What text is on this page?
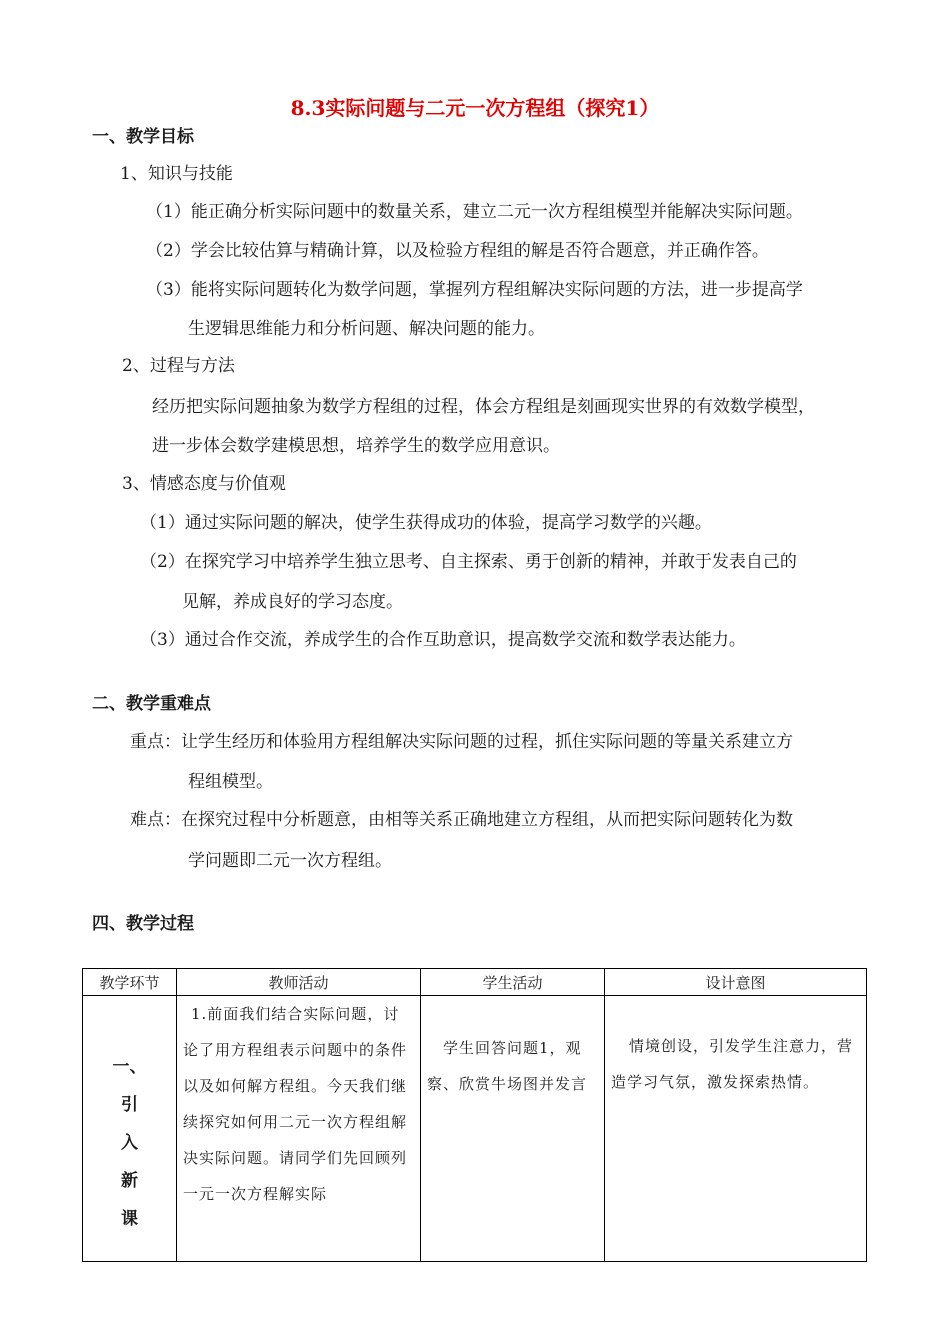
8.3实际问题与二元一次方程组（探究1）
一、教学目标
1、知识与技能
（1）能正确分析实际问题中的数量关系，建立二元一次方程组模型并能解决实际问题。
（2）学会比较估算与精确计算，以及检验方程组的解是否符合题意，并正确作答。
（3）能将实际问题转化为数学问题，掌握列方程组解决实际问题的方法，进一步提高学
生逻辑思维能力和分析问题、解决问题的能力。
2、过程与方法
经历把实际问题抽象为数学方程组的过程，体会方程组是刻画现实世界的有效数学模型，
进一步体会数学建模思想，培养学生的数学应用意识。
3、情感态度与价值观
（1）通过实际问题的解决，使学生获得成功的体验，提高学习数学的兴趣。
（2）在探究学习中培养学生独立思考、自主探索、勇于创新的精神，并敢于发表自己的
见解，养成良好的学习态度。
（3）通过合作交流，养成学生的合作互助意识，提高数学交流和数学表达能力。
二、教学重难点
重点：让学生经历和体验用方程组解决实际问题的过程，抓住实际问题的等量关系建立方
程组模型。
难点：在探究过程中分析题意，由相等关系正确地建立方程组，从而把实际问题转化为数
学问题即二元一次方程组。
四、教学过程
教学环节	教师活动	学生活动	设计意图

一、
引
入
新
课	1.前面我们结合实际问题，讨论了用方程组表示问题中的条件以及如何解方程组。今天我们继续探究如何用二元一次方程组解决实际问题。请同学们先回顾列一元一次方程解实际	学生回答问题1，观察、欣赏牛场图并发言	情境创设，引发学生注意力，营造学习气氛，激发探索热情。
